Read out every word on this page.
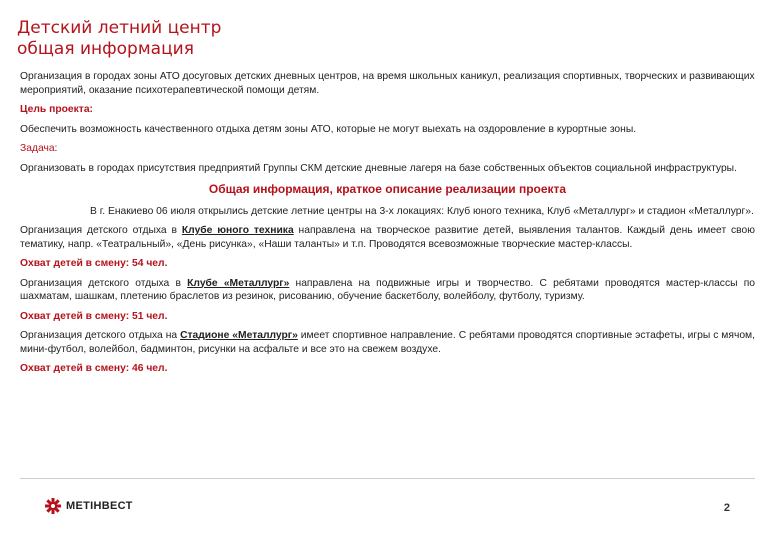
Детский летний центр
общая информация

Организация в городах зоны АТО досуговых детских дневных центров, на время школьных каникул, реализация спортивных, творческих и развивающих мероприятий, оказание психотерапевтической помощи детям.

Цель проекта:

Обеспечить возможность качественного отдыха детям зоны АТО, которые не могут выехать на оздоровление в курортные зоны.

Задача:

Организовать в городах присутствия предприятий Группы СКМ детские дневные лагеря на базе собственных объектов социальной инфраструктуры.

Общая информация, краткое описание реализации проекта

В г. Енакиево 06 июля открылись детские летние центры на 3-х локациях: Клуб юного техника, Клуб «Металлург» и стадион «Металлург».

Организация детского отдыха в Клубе юного техника направлена на творческое развитие детей, выявления талантов. Каждый день имеет свою тематику, напр. «Театральный», «День рисунка», «Наши таланты» и т.п. Проводятся всевозможные творческие мастер-классы.

Охват детей в смену: 54 чел.

Организация детского отдыха в Клубе «Металлург» направлена на подвижные игры и творчество. С ребятами проводятся мастер-классы по шахматам, шашкам, плетению браслетов из резинок, рисованию, обучение баскетболу, волейболу, футболу, туризму.

Охват детей в смену: 51 чел.

Организация детского отдыха на Стадионе «Металлург» имеет спортивное направление. С ребятами проводятся спортивные эстафеты, игры с мячом, мини-футбол, волейбол, бадминтон, рисунки на асфальте и все это на свежем воздухе.

Охват детей в смену: 46 чел.

МЕТІНВЕСТ	2
